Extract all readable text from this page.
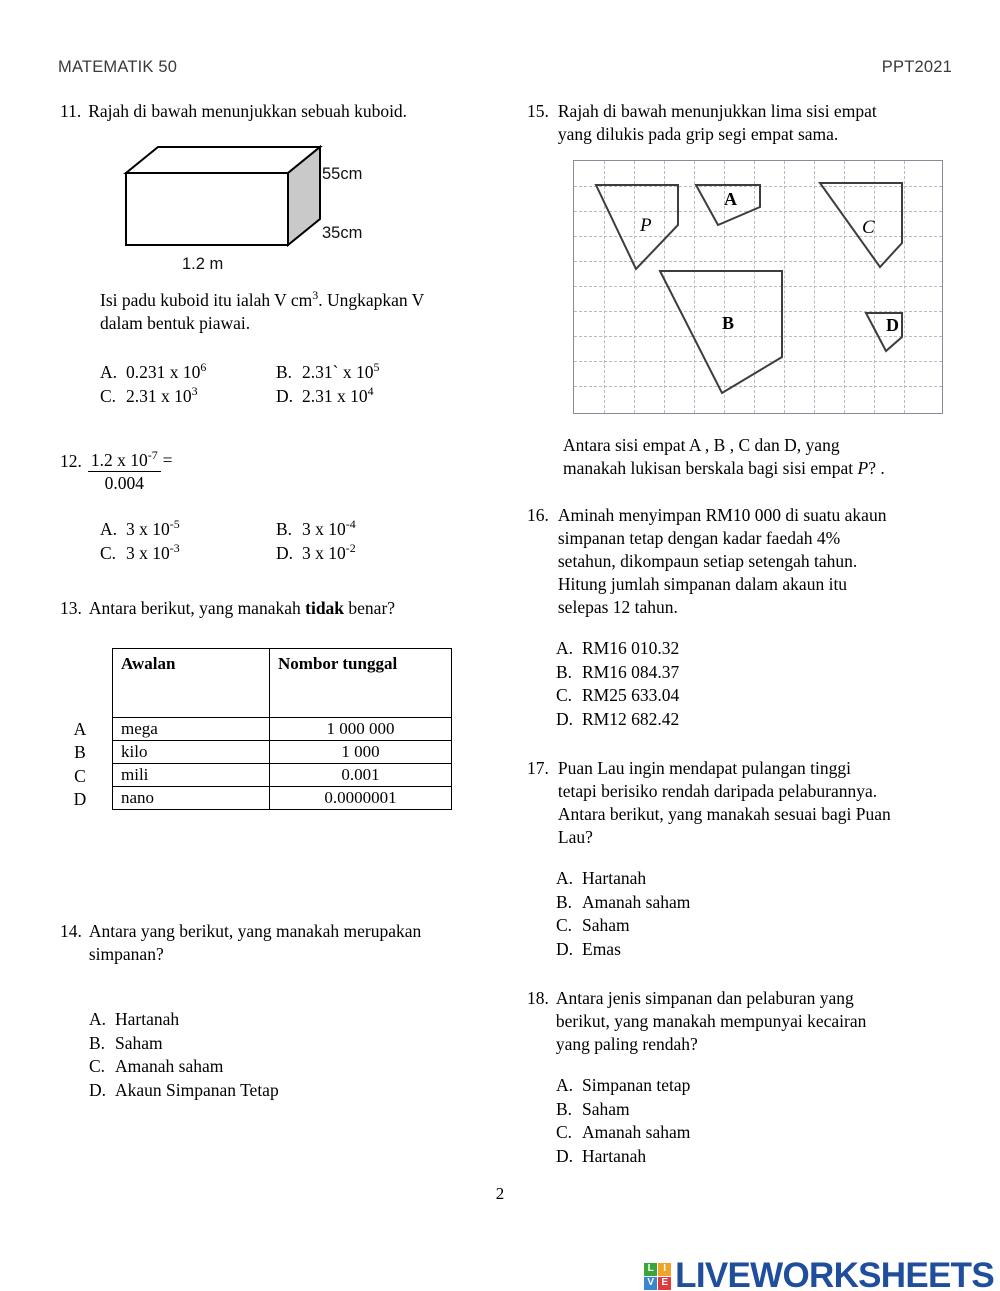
MATEMATIK 50	PPT2021
11. Rajah di bawah menunjukkan sebuah kuboid.
55cm
35cm
1.2 m

Isi padu kuboid itu ialah V $cm^3$. Ungkapkan V

dalam bentuk piawai.

A. 0.231 x $10^6$	B. 2.31` x $10^5$
C. 2.31 x $10^3$	D. 2.31 x $10^4$
12. $\frac{1.2 x 10^{-7}}{0.004}$ =
A. 3 x $10^{-5}$	B. 3 x $10^{-4}$
C. 3 x $10^{-3}$	D. 3 x $10^{-2}$
13. Antara berikut, yang manakah tidak benar?
A
B
C
D
Awalan	Nombor tunggal
mega	1 000 000
kilo	1 000
mili	0.001
nano	0.0000001
14. Antara yang berikut, yang manakah merupakan

simpanan?

A. Hartanah
B. Saham
C. Amanah saham
D. Akaun Simpanan Tetap
15. Rajah di bawah menunjukkan lima sisi empat

yang dilukis pada grip segi empat sama.

P
A
B
C
D

Antara sisi empat A , B , C dan D, yang

manakah lukisan berskala bagi sisi empat P? .

16. Aminah menyimpan RM10 000 di suatu akaun

simpanan tetap dengan kadar faedah 4%

setahun, dikompaun setiap setengah tahun.

Hitung jumlah simpanan dalam akaun itu

selepas 12 tahun.

A. RM16 010.32
B. RM16 084.37
C. RM25 633.04
D. RM12 682.42
17. Puan Lau ingin mendapat pulangan tinggi

tetapi berisiko rendah daripada pelaburannya.

Antara berikut, yang manakah sesuai bagi Puan

Lau?

A. Hartanah
B. Amanah saham
C. Saham
D. Emas
18. Antara jenis simpanan dan pelaburan yang

berikut, yang manakah mempunyai kecairan

yang paling rendah?

A. Simpanan tetap
B. Saham
C. Amanah saham
D. Hartanah
2
L I
V E LIVEWORKSHEETS
